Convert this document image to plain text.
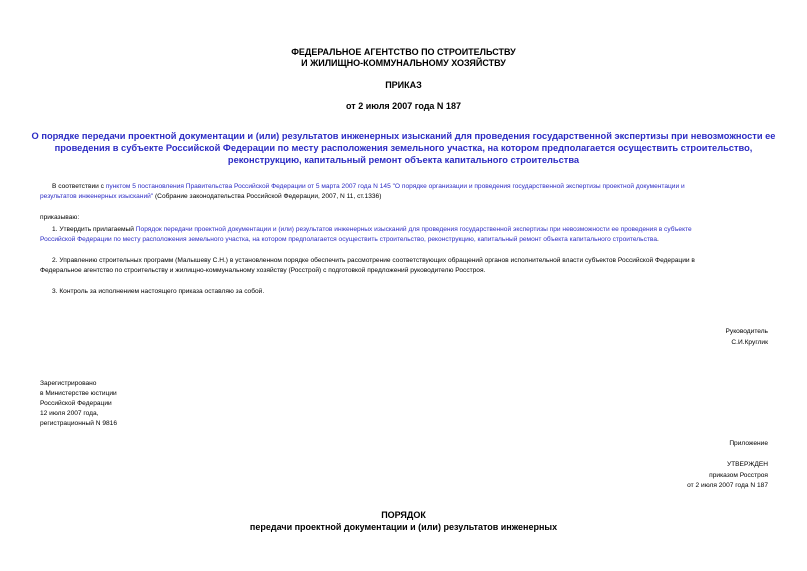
ФЕДЕРАЛЬНОЕ АГЕНТСТВО ПО СТРОИТЕЛЬСТВУ
И ЖИЛИЩНО-КОММУНАЛЬНОМУ ХОЗЯЙСТВУ
ПРИКАЗ
от 2 июля 2007 года N 187
О порядке передачи проектной документации и (или) результатов инженерных изысканий для проведения государственной экспертизы при невозможности ее
проведения в субъекте Российской Федерации по месту расположения земельного участка, на котором предполагается осуществить строительство,
реконструкцию, капитальный ремонт объекта капитального строительства
В соответствии с пунктом 5 постановления Правительства Российской Федерации от 5 марта 2007 года N 145 "О порядке организации и проведения государственной экспертизы проектной документации и
результатов инженерных изысканий" (Собрание законодательства Российской Федерации, 2007, N 11, ст.1336)
приказываю:
1. Утвердить прилагаемый Порядок передачи проектной документации и (или) результатов инженерных изысканий для проведения государственной экспертизы при невозможности ее проведения в субъекте
Российской Федерации по месту расположения земельного участка, на котором предполагается осуществить строительство, реконструкцию, капитальный ремонт объекта капитального строительства.
2. Управлению строительных программ (Малышеву С.Н.) в установленном порядке обеспечить рассмотрение соответствующих обращений органов исполнительной власти субъектов Российской Федерации в
Федеральное агентство по строительству и жилищно-коммунальному хозяйству (Росстрой) с подготовкой предложений руководителю Росстроя.
3. Контроль за исполнением настоящего приказа оставляю за собой.
Руководитель
С.И.Круглик
Зарегистрировано
в Министерстве юстиции
Российской Федерации
12 июля 2007 года,
регистрационный N 9816
Приложение
УТВЕРЖДЕН
приказом Росстроя
от 2 июля 2007 года N 187
ПОРЯДОК
передачи проектной документации и (или) результатов инженерных
